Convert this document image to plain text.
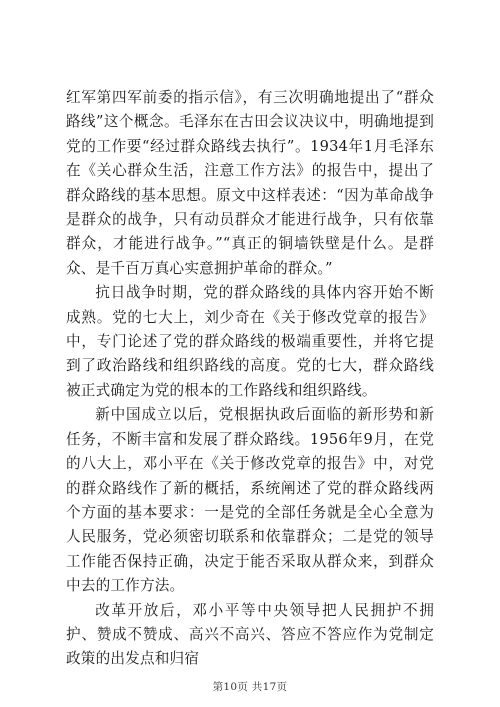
红军第四军前委的指示信》，有三次明确地提出了“群众路线”这个概念。毛泽东在古田会议决议中，明确地提到党的工作要“经过群众路线去执行”。1934年1月毛泽东在《关心群众生活，注意工作方法》的报告中，提出了群众路线的基本思想。原文中这样表述：“因为革命战争是群众的战争，只有动员群众才能进行战争，只有依靠群众，才能进行战争。”“真正的铜墙铁壁是什么。是群众、是千百万真心实意拥护革命的群众。”

抗日战争时期，党的群众路线的具体内容开始不断成熟。党的七大上，刘少奇在《关于修改党章的报告》中，专门论述了党的群众路线的极端重要性，并将它提到了政治路线和组织路线的高度。党的七大，群众路线被正式确定为党的根本的工作路线和组织路线。

新中国成立以后，党根据执政后面临的新形势和新任务，不断丰富和发展了群众路线。1956年9月，在党的八大上，邓小平在《关于修改党章的报告》中，对党的群众路线作了新的概括，系统阐述了党的群众路线两个方面的基本要求：一是党的全部任务就是全心全意为人民服务，党必须密切联系和依靠群众；二是党的领导工作能否保持正确，决定于能否采取从群众来，到群众中去的工作方法。

改革开放后，邓小平等中央领导把人民拥护不拥护、赞成不赞成、高兴不高兴、答应不答应作为党制定政策的出发点和归宿

第10页 共17页
